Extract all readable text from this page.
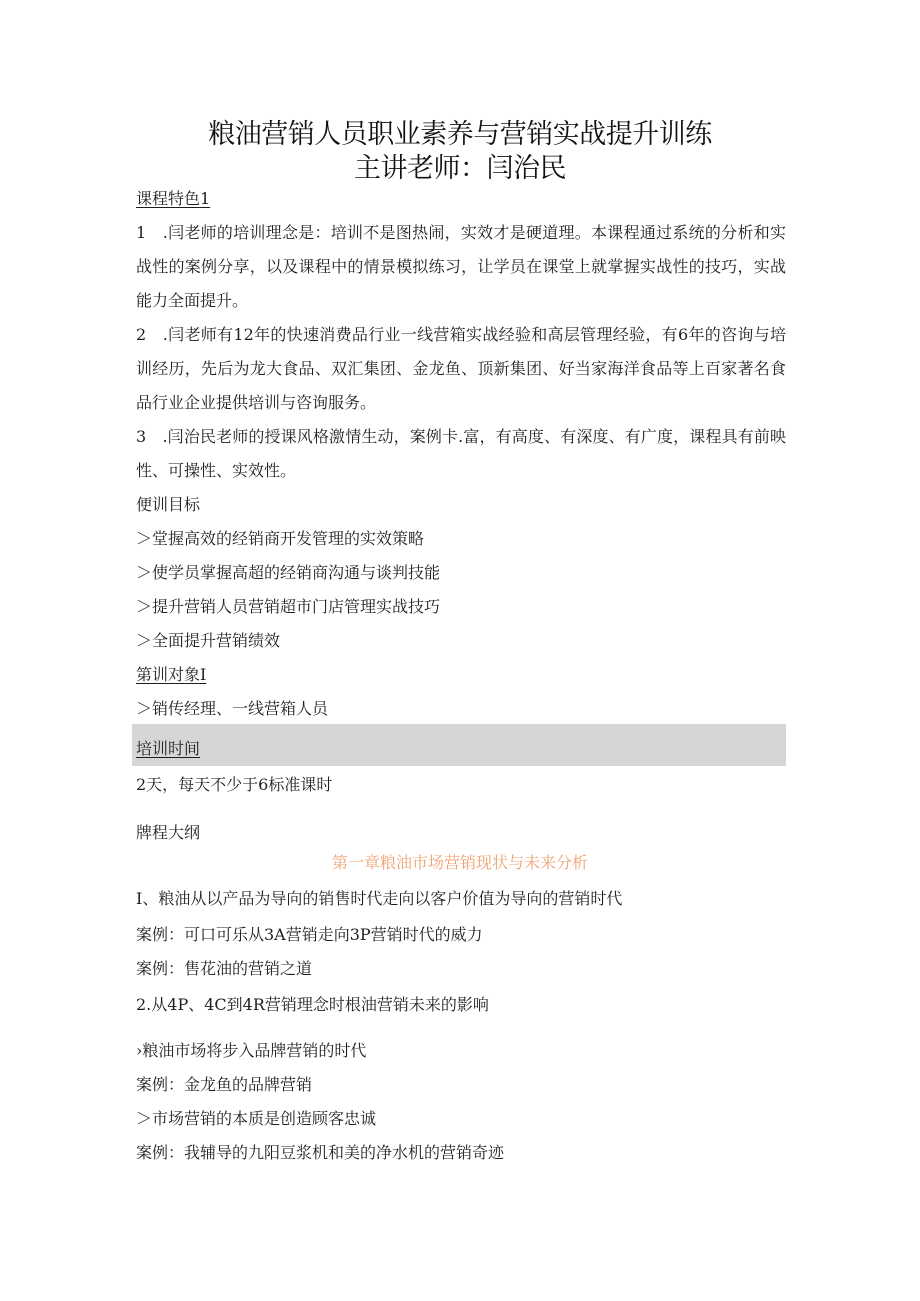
粮油营销人员职业素养与营销实战提升训练
主讲老师：闫治民
课程特色1
1　.闫老师的培训理念是：培训不是图热闹，实效才是硬道理。本课程通过系统的分析和实战性的案例分享，以及课程中的情景模拟练习，让学员在课堂上就掌握实战性的技巧，实战能力全面提升。
2　.闫老师有12年的快速消费品行业一线营箱实战经验和高层管理经验，有6年的咨询与培训经历，先后为龙大食品、双汇集团、金龙鱼、顶新集团、好当家海洋食品等上百家著名食品行业企业提供培训与咨询服务。
3　.闫治民老师的授课风格激情生动，案例卡.富，有高度、有深度、有广度，课程具有前映性、可操性、实效性。
便训目标
＞堂握高效的经销商开发管理的实效策略
＞使学员掌握高超的经销商沟通与谈判技能
＞提升营销人员营销超市门店管理实战技巧
＞全面提升营销绩效
第训对象I
＞销传经理、一线营箱人员
培训时间
2天，每天不少于6标准课时
牌程大纲
第一章粮油市场营销现状与未来分析
I、粮油从以产品为导向的销售时代走向以客户价值为导向的营销时代
案例：可口可乐从3A营销走向3P营销时代的威力
案例：售花油的营销之道
2.从4P、4C到4R营销理念时根油营销未来的影响
›粮油市场将步入品牌营销的时代
案例：金龙鱼的品牌营销
＞市场营销的本质是创造顾客忠诚
案例：我辅导的九阳豆浆机和美的净水机的营销奇迹
